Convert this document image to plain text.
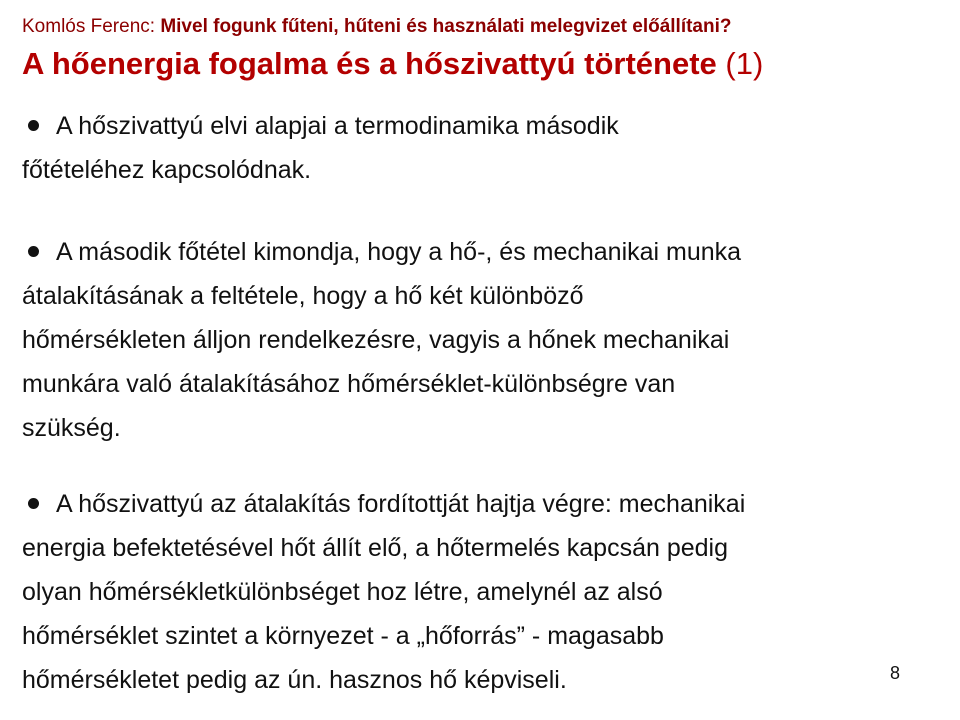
Komlós Ferenc: Mivel fogunk fűteni, hűteni és használati melegvizet előállítani?
A hőenergia fogalma és a hőszivattyú története (1)
A hőszivattyú elvi alapjai a termodinamika második
főtételéhez kapcsolódnak.
A második főtétel kimondja, hogy a hő-, és mechanikai munka
átalakításának a feltétele, hogy a hő két különböző
hőmérsékleten álljon rendelkezésre, vagyis a hőnek mechanikai
munkára való átalakításához hőmérséklet-különbségre van
szükség.
A hőszivattyú az átalakítás fordítottját hajtja végre: mechanikai
energia befektetésével hőt állít elő, a hőtermelés kapcsán pedig
olyan hőmérsékletkülönbséget hoz létre, amelynél az alsó
hőmérséklet szintet a környezet - a „hőforrás” - magasabb
hőmérsékletet pedig az ún. hasznos hő képviseli.	8
